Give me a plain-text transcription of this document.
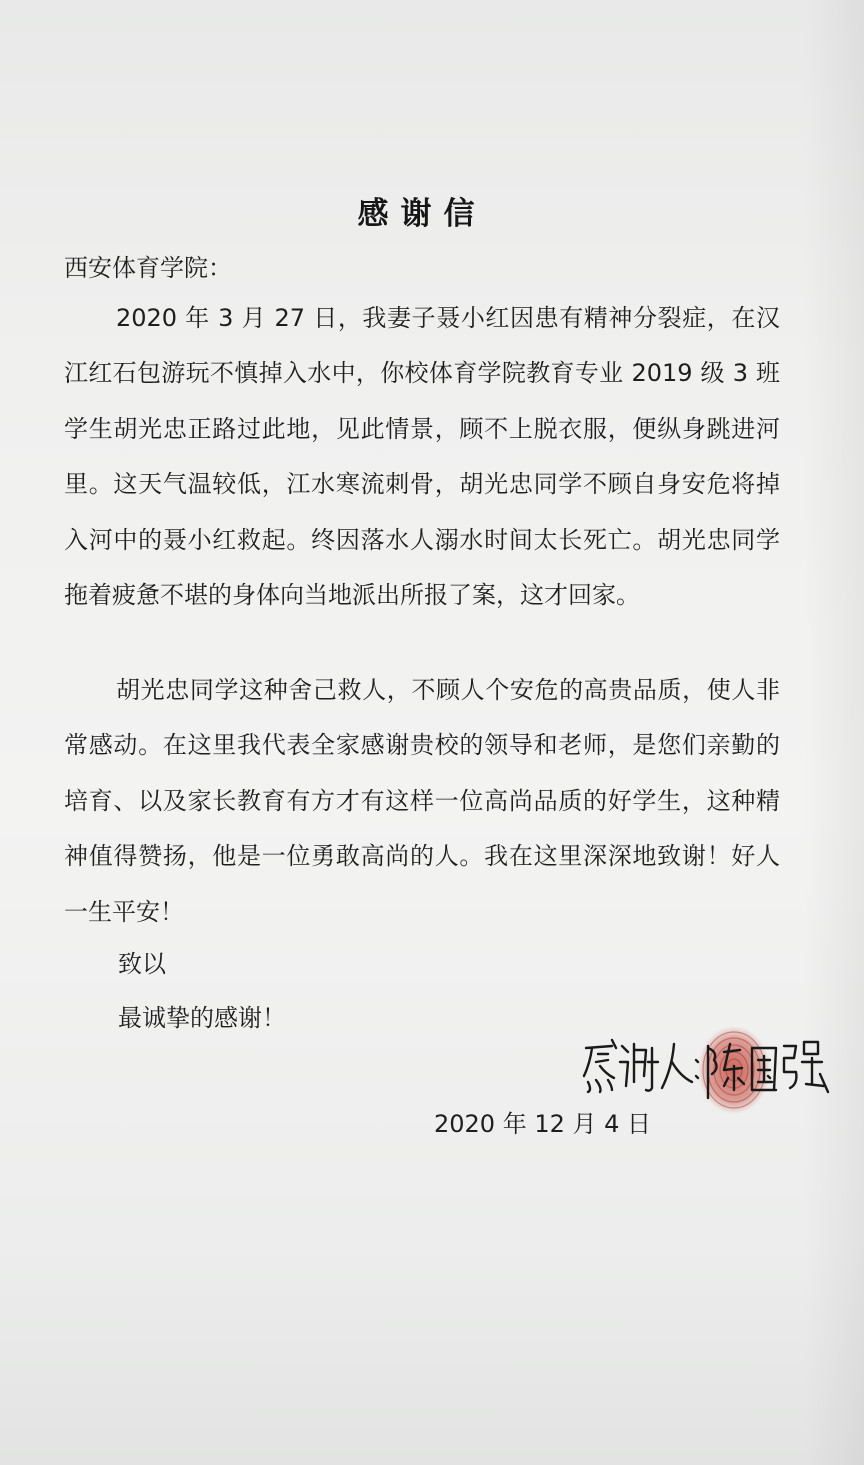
感谢信
西安体育学院：

2020 年 3 月 27 日，我妻子聂小红因患有精神分裂症，在汉江红石包游玩不慎掉入水中，你校体育学院教育专业 2019 级 3 班学生胡光忠正路过此地，见此情景，顾不上脱衣服，便纵身跳进河里。这天气温较低，江水寒流刺骨，胡光忠同学不顾自身安危将掉入河中的聂小红救起。终因落水人溺水时间太长死亡。胡光忠同学拖着疲惫不堪的身体向当地派出所报了案，这才回家。

胡光忠同学这种舍己救人，不顾人个安危的高贵品质，使人非常感动。在这里我代表全家感谢贵校的领导和老师，是您们亲勤的培育、以及家长教育有方才有这样一位高尚品质的好学生，这种精神值得赞扬，他是一位勇敢高尚的人。我在这里深深地致谢！好人一生平安！

致以
最诚挚的感谢！
2020 年 12 月 4 日
